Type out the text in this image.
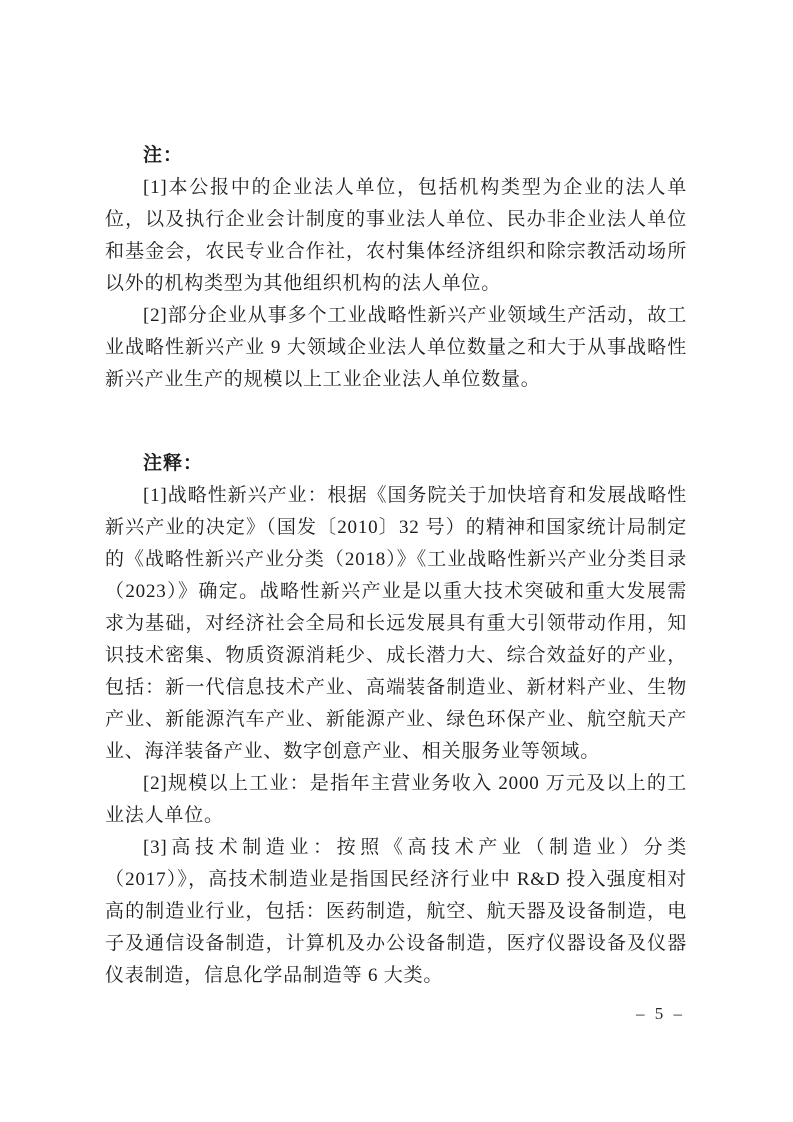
注：

[1]本公报中的企业法人单位，包括机构类型为企业的法人单位，以及执行企业会计制度的事业法人单位、民办非企业法人单位和基金会，农民专业合作社，农村集体经济组织和除宗教活动场所以外的机构类型为其他组织机构的法人单位。

[2]部分企业从事多个工业战略性新兴产业领域生产活动，故工业战略性新兴产业 9 大领域企业法人单位数量之和大于从事战略性新兴产业生产的规模以上工业企业法人单位数量。

注释：

[1]战略性新兴产业：根据《国务院关于加快培育和发展战略性新兴产业的决定》（国发〔2010〕32 号）的精神和国家统计局制定的《战略性新兴产业分类（2018）》《工业战略性新兴产业分类目录（2023）》确定。战略性新兴产业是以重大技术突破和重大发展需求为基础，对经济社会全局和长远发展具有重大引领带动作用，知识技术密集、物质资源消耗少、成长潜力大、综合效益好的产业，包括：新一代信息技术产业、高端装备制造业、新材料产业、生物产业、新能源汽车产业、新能源产业、绿色环保产业、航空航天产业、海洋装备产业、数字创意产业、相关服务业等领域。

[2]规模以上工业：是指年主营业务收入 2000 万元及以上的工业法人单位。

[3]高技术制造业：按照《高技术产业（制造业）分类（2017）》，高技术制造业是指国民经济行业中 R&D 投入强度相对高的制造业行业，包括：医药制造，航空、航天器及设备制造，电子及通信设备制造，计算机及办公设备制造，医疗仪器设备及仪器仪表制造，信息化学品制造等 6 大类。

– 5 –
